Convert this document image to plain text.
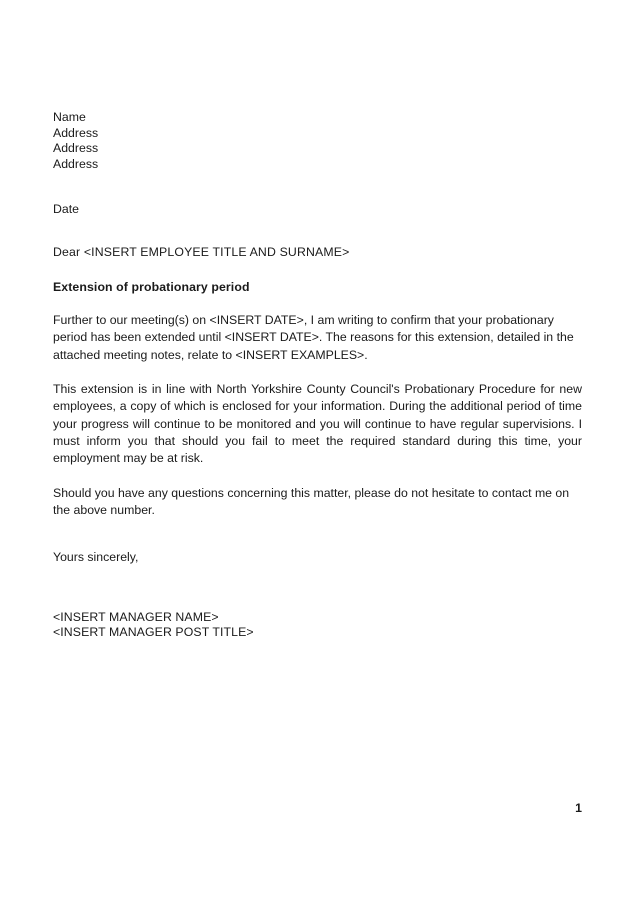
Name
Address
Address
Address
Date
Dear <INSERT EMPLOYEE TITLE AND SURNAME>
Extension of probationary period

Further to our meeting(s) on <INSERT DATE>, I am writing to confirm that your probationary period has been extended until <INSERT DATE>. The reasons for this extension, detailed in the attached meeting notes, relate to <INSERT EXAMPLES>.

This extension is in line with North Yorkshire County Council's Probationary Procedure for new employees, a copy of which is enclosed for your information. During the additional period of time your progress will continue to be monitored and you will continue to have regular supervisions. I must inform you that should you fail to meet the required standard during this time, your employment may be at risk.

Should you have any questions concerning this matter, please do not hesitate to contact me on the above number.

Yours sincerely,
<INSERT MANAGER NAME>
<INSERT MANAGER POST TITLE>
1
